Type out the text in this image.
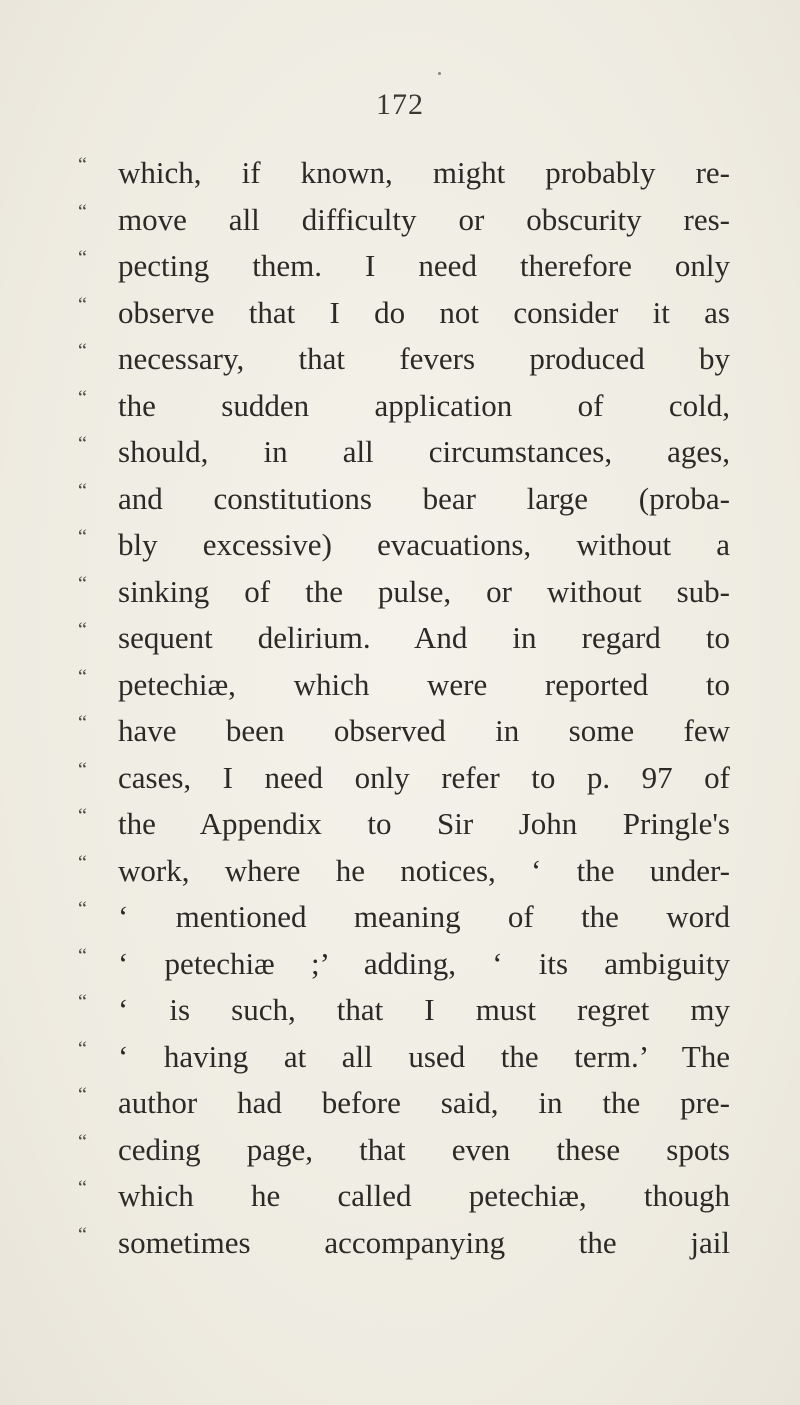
172
“ which, if known, might probably re-
“ move all difficulty or obscurity res-
“ pecting them. I need therefore only
“ observe that I do not consider it as
“ necessary, that fevers produced by
“ the sudden application of cold,
“ should, in all circumstances, ages,
“ and constitutions bear large (proba-
“ bly excessive) evacuations, without a
“ sinking of the pulse, or without sub-
“ sequent delirium. And in regard to
“ petechiæ, which were reported to
“ have been observed in some few
“ cases, I need only refer to p. 97 of
“ the Appendix to Sir John Pringle's
“ work, where he notices, ‘ the under-
“ ‘ mentioned meaning of the word
“ ‘ petechiæ ;’ adding, ‘ its ambiguity
“ ‘ is such, that I must regret my
“ ‘ having at all used the term.’ The
“ author had before said, in the pre-
“ ceding page, that even these spots
“ which he called petechiæ, though
“ sometimes accompanying the jail
